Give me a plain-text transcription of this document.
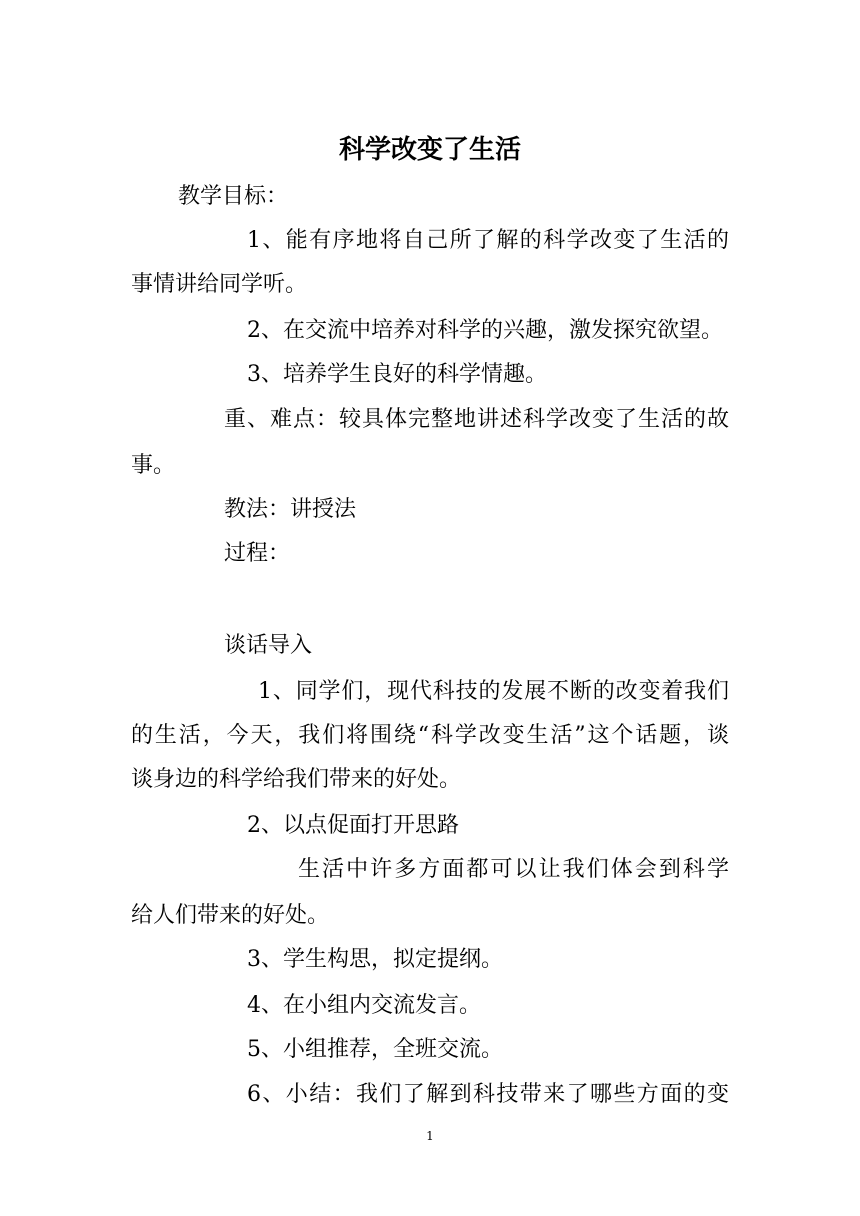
科学改变了生活
教学目标：
1、能有序地将自己所了解的科学改变了生活的
事情讲给同学听。
2、在交流中培养对科学的兴趣，激发探究欲望。
3、培养学生良好的科学情趣。
重、难点：较具体完整地讲述科学改变了生活的故
事。
教法：讲授法
过程：
谈话导入
1、同学们，现代科技的发展不断的改变着我们
的生活，今天，我们将围绕“科学改变生活”这个话题，谈
谈身边的科学给我们带来的好处。
2、以点促面打开思路
生活中许多方面都可以让我们体会到科学
给人们带来的好处。
3、学生构思，拟定提纲。
4、在小组内交流发言。
5、小组推荐，全班交流。
6、小结：我们了解到科技带来了哪些方面的变
1
